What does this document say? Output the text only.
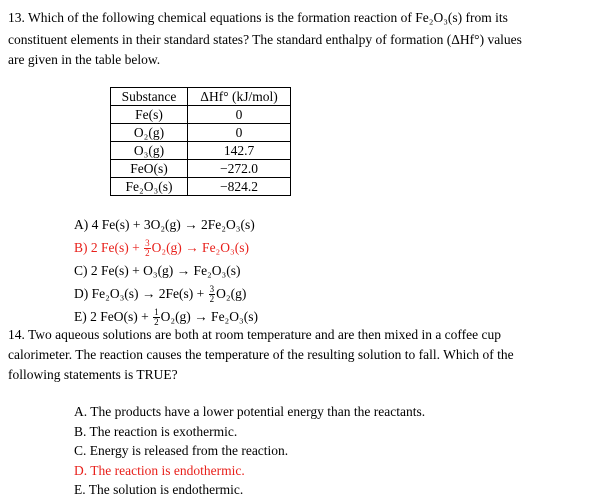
13. Which of the following chemical equations is the formation reaction of Fe₂O₃(s) from its
constituent elements in their standard states? The standard enthalpy of formation (ΔHf°) values
are given in the table below.
Substance	ΔHf° (kJ/mol)
Fe(s)	0
O₂(g)	0
O₃(g)	142.7
FeO(s)	−272.0
Fe₂O₃(s)	−824.2
A) 4 Fe(s) + 3O₂(g) → 2Fe₂O₃(s)
B) 2 $Fe(s) + \frac{3}{2} O_2(g) \to Fe_2O_3(s)$
C) 2 Fe(s) + O₃(g) → Fe₂O₃(s)
D) $Fe_2O_3(s) \to 2Fe(s) + \frac{3}{2} O_2(g)$
E) 2 $FeO(s) + \frac{1}{2} O_2(g) \to Fe_2O_3(s)$
14. Two aqueous solutions are both at room temperature and are then mixed in a coffee cup
calorimeter. The reaction causes the temperature of the resulting solution to fall. Which of the
following statements is TRUE?
A. The products have a lower potential energy than the reactants.
B. The reaction is exothermic.
C. Energy is released from the reaction.
D. The reaction is endothermic.
E. The solution is endothermic.
